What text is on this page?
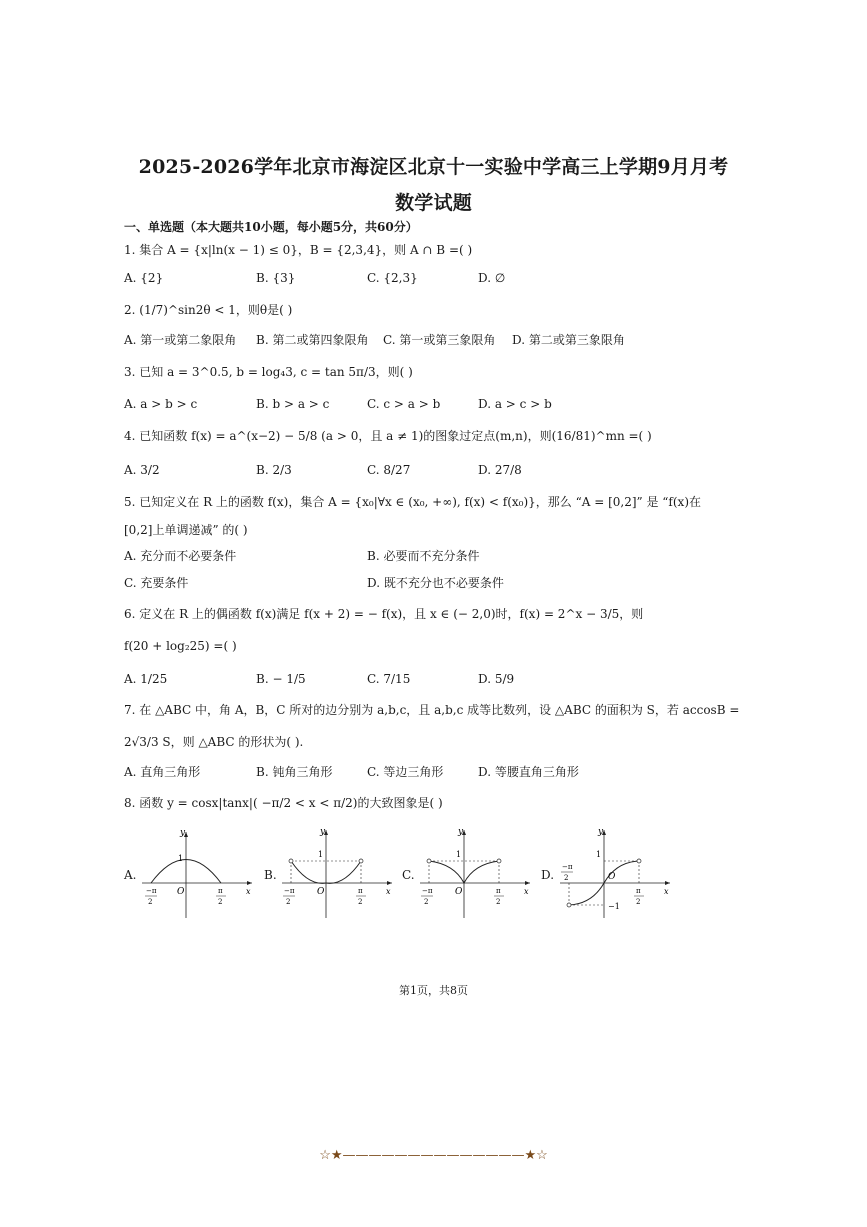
2025-2026学年北京市海淀区北京十一实验中学高三上学期9月月考
数学试题
一、单选题（本大题共10小题，每小题5分，共60分）
1. 集合 A = {x|ln(x − 1) ≤ 0}，B = {2,3,4}，则 A ∩ B =( )
A. {2}	B. {3}	C. {2,3}	D. ∅
2. (1/7)^sin2θ < 1，则θ是( )
A. 第一或第二象限角 B. 第二或第四象限角 C. 第一或第三象限角 D. 第二或第三象限角
3. 已知 a = 3^0.5, b = log₄3, c = tan 5π/3，则( )
A. a > b > c	B. b > a > c	C. c > a > b	D. a > c > b
4. 已知函数 f(x) = a^(x−2) − 5/8 (a > 0，且 a ≠ 1)的图象过定点(m,n)，则(16/81)^mn =( )
A. 3/2	B. 2/3	C. 8/27	D. 27/8
5. 已知定义在 R 上的函数 f(x)，集合 A = {x₀|∀x ∈ (x₀, +∞), f(x) < f(x₀)}，那么 “A = [0,2]” 是 “f(x)在
[0,2]上单调递减” 的( )
A. 充分而不必要条件	B. 必要而不充分条件
C. 充要条件	D. 既不充分也不必要条件
6. 定义在 R 上的偶函数 f(x)满足 f(x + 2) = − f(x)，且 x ∈ (− 2,0)时，f(x) = 2^x − 3/5，则
f(20 + log₂25) =( )
A. 1/25	B. − 1/5	C. 7/15	D. 5/9
7. 在 △ABC 中，角 A，B，C 所对的边分别为 a,b,c，且 a,b,c 成等比数列，设 △ABC 的面积为 S，若 accosB =
2√3/3 S，则 △ABC 的形状为( ).
A. 直角三角形	B. 钝角三角形	C. 等边三角形	D. 等腰直角三角形
8. 函数 y = cosx|tanx|( −π/2 < x < π/2)的大致图象是( )
A.	B.	C.	D.
y
1
O	x
−π
2
π
2
y
1
O	x
−π
2
π
2
y
1
O	x
−π
2
π
2
y
1
−1
O
x
−π
2
π
2
第1页，共8页
☆★——————————————★☆
